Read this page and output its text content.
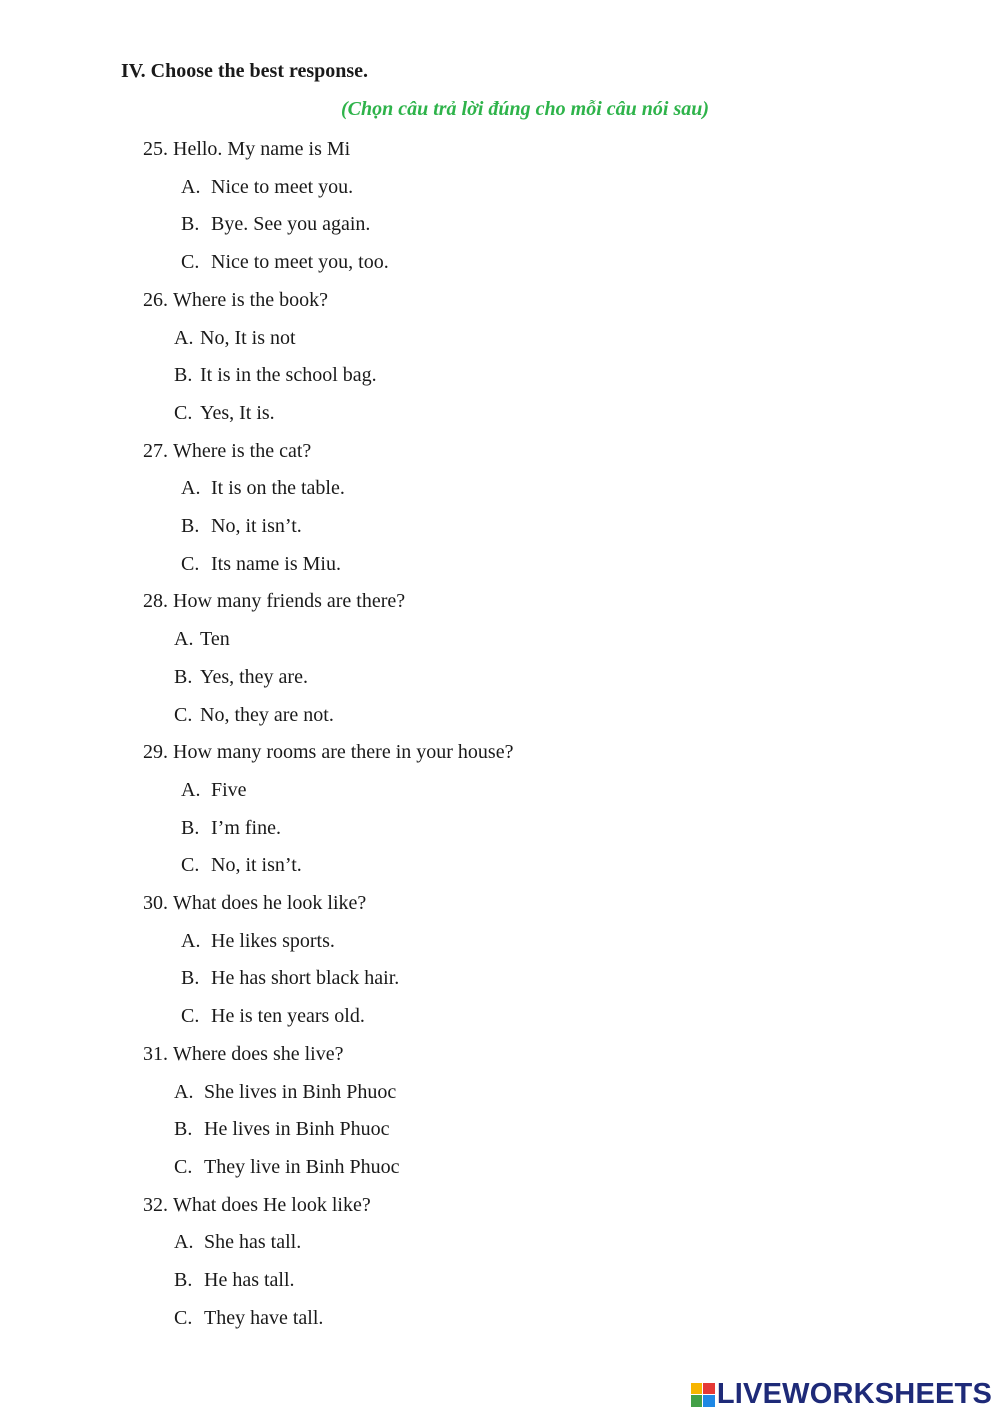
IV. Choose the best response.
(Chọn câu trả lời đúng cho mỗi câu nói sau)
25. Hello. My name is Mi
A. Nice to meet you.
B. Bye. See you again.
C. Nice to meet you, too.
26. Where is the book?
A. No, It is not
B. It is in the school bag.
C. Yes, It is.
27. Where is the cat?
A. It is on the table.
B. No, it isn’t.
C. Its name is Miu.
28. How many friends are there?
A. Ten
B. Yes, they are.
C. No, they are not.
29. How many rooms are there in your house?
A. Five
B. I’m fine.
C. No, it isn’t.
30. What does he look like?
A. He likes sports.
B. He has short black hair.
C. He is ten years old.
31. Where does she live?
A. She lives in Binh Phuoc
B. He lives in Binh Phuoc
C. They live in Binh Phuoc
32. What does He look like?
A. She has tall.
B. He has tall.
C. They have tall.
LIVEWORKSHEETS
